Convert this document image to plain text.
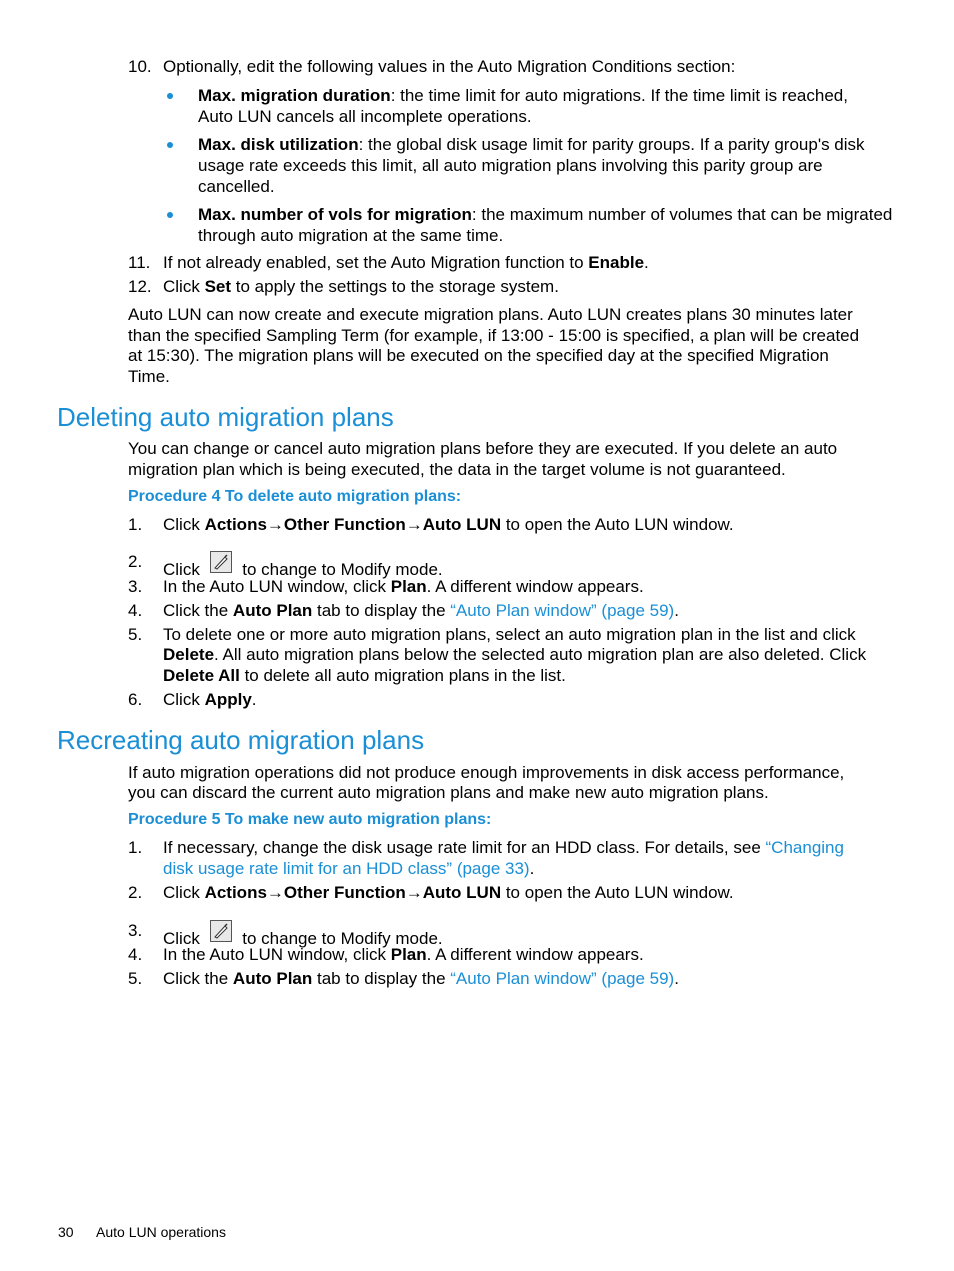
10. Optionally, edit the following values in the Auto Migration Conditions section:
Max. migration duration: the time limit for auto migrations. If the time limit is reached,
Auto LUN cancels all incomplete operations.
Max. disk utilization: the global disk usage limit for parity groups. If a parity group's disk
usage rate exceeds this limit, all auto migration plans involving this parity group are
cancelled.
Max. number of vols for migration: the maximum number of volumes that can be migrated
through auto migration at the same time.
11. If not already enabled, set the Auto Migration function to Enable.
12. Click Set to apply the settings to the storage system.
Auto LUN can now create and execute migration plans. Auto LUN creates plans 30 minutes later
than the specified Sampling Term (for example, if 13:00 - 15:00 is specified, a plan will be created
at 15:30). The migration plans will be executed on the specified day at the specified Migration
Time.
Deleting auto migration plans
You can change or cancel auto migration plans before they are executed. If you delete an auto
migration plan which is being executed, the data in the target volume is not guaranteed.
Procedure 4 To delete auto migration plans:
1. Click Actions→Other Function→Auto LUN to open the Auto LUN window.
2. Click
to change to Modify mode.
3. In the Auto LUN window, click Plan. A different window appears.
4. Click the Auto Plan tab to display the “Auto Plan window” (page 59).
5. To delete one or more auto migration plans, select an auto migration plan in the list and click
Delete. All auto migration plans below the selected auto migration plan are also deleted. Click
Delete All to delete all auto migration plans in the list.
6. Click Apply.
Recreating auto migration plans
If auto migration operations did not produce enough improvements in disk access performance,
you can discard the current auto migration plans and make new auto migration plans.
Procedure 5 To make new auto migration plans:
1. If necessary, change the disk usage rate limit for an HDD class. For details, see “Changing
disk usage rate limit for an HDD class” (page 33).
2. Click Actions→Other Function→Auto LUN to open the Auto LUN window.
3. Click
to change to Modify mode.
4. In the Auto LUN window, click Plan. A different window appears.
5. Click the Auto Plan tab to display the “Auto Plan window” (page 59).
30 Auto LUN operations
